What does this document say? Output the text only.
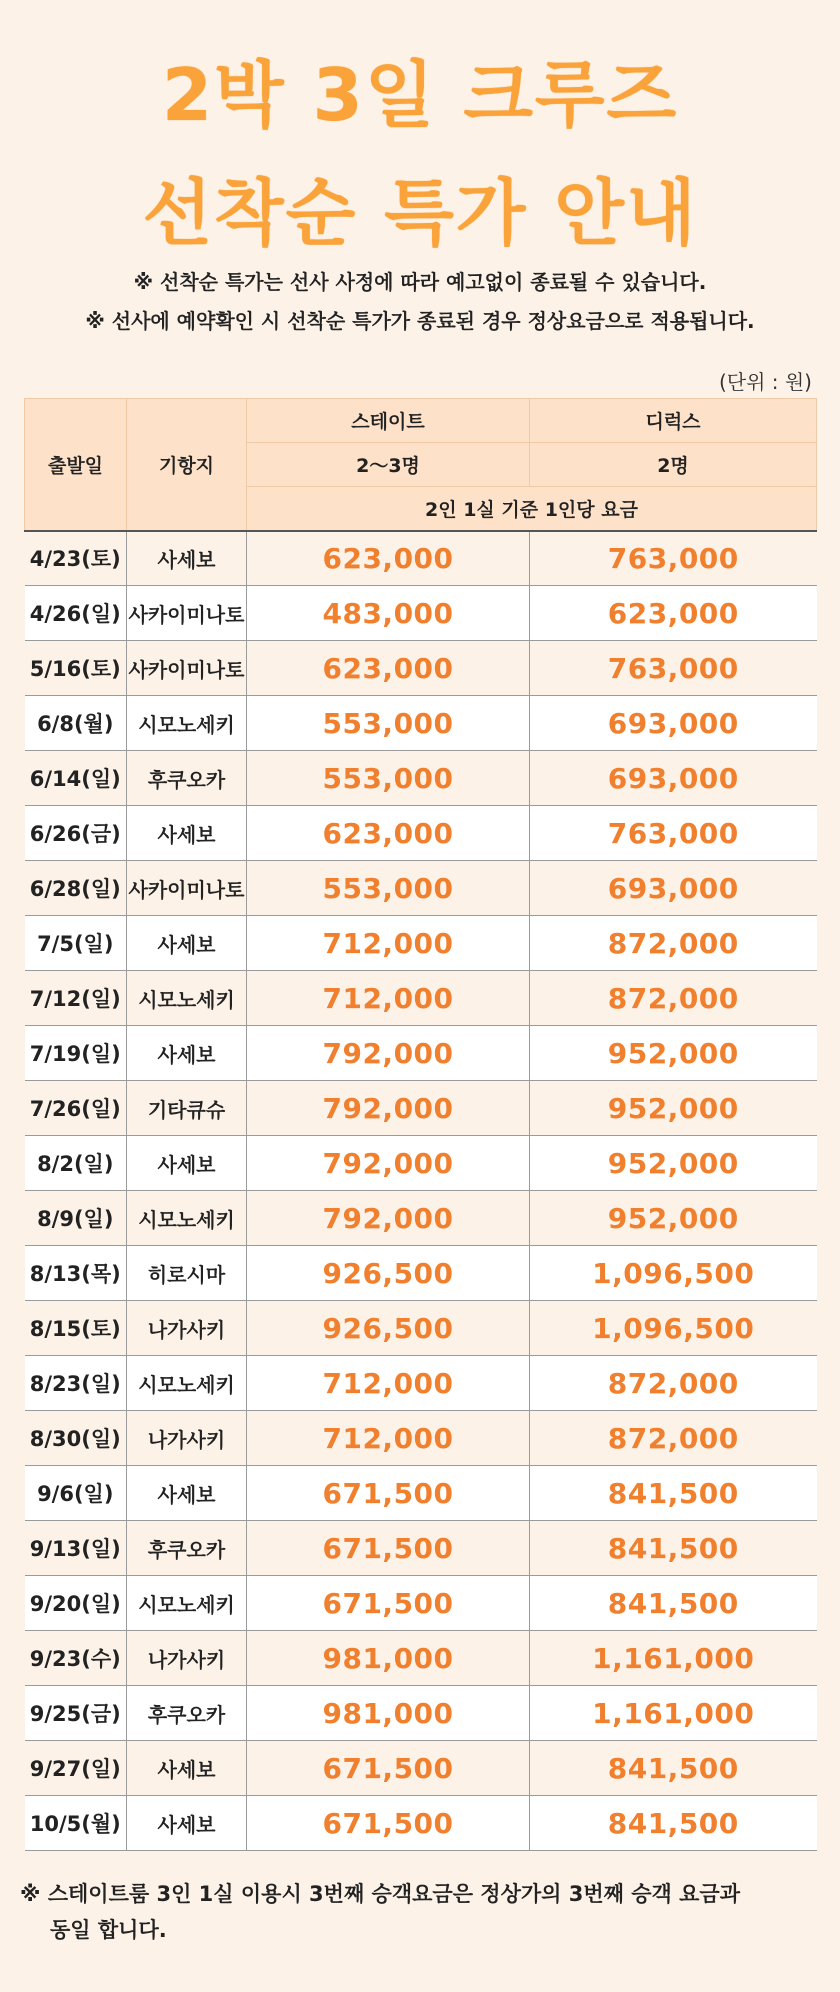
2박 3일 크루즈
선착순 특가 안내
※ 선착순 특가는 선사 사정에 따라 예고없이 종료될 수 있습니다.
※ 선사에 예약확인 시 선착순 특가가 종료된 경우 정상요금으로 적용됩니다.
(단위 : 원)
출발일	기항지	스테이트	디럭스
		2～3명	2명
		2인 1실 기준 1인당 요금	
4/23(토)	사세보	623,000	763,000
4/26(일)	사카이미나토	483,000	623,000
5/16(토)	사카이미나토	623,000	763,000
6/8(월)	시모노세키	553,000	693,000
6/14(일)	후쿠오카	553,000	693,000
6/26(금)	사세보	623,000	763,000
6/28(일)	사카이미나토	553,000	693,000
7/5(일)	사세보	712,000	872,000
7/12(일)	시모노세키	712,000	872,000
7/19(일)	사세보	792,000	952,000
7/26(일)	기타큐슈	792,000	952,000
8/2(일)	사세보	792,000	952,000
8/9(일)	시모노세키	792,000	952,000
8/13(목)	히로시마	926,500	1,096,500
8/15(토)	나가사키	926,500	1,096,500
8/23(일)	시모노세키	712,000	872,000
8/30(일)	나가사키	712,000	872,000
9/6(일)	사세보	671,500	841,500
9/13(일)	후쿠오카	671,500	841,500
9/20(일)	시모노세키	671,500	841,500
9/23(수)	나가사키	981,000	1,161,000
9/25(금)	후쿠오카	981,000	1,161,000
9/27(일)	사세보	671,500	841,500
10/5(월)	사세보	671,500	841,500
※ 스테이트룸 3인 1실 이용시 3번째 승객요금은 정상가의 3번째 승객 요금과
동일 합니다.
